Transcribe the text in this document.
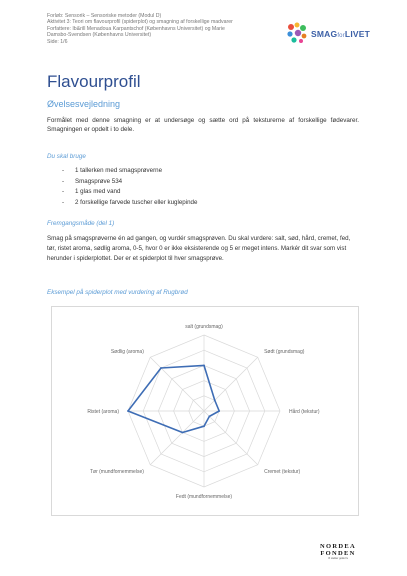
Forløb: Sensorik – Sensoriske metoder (Modul D)
Aktivitet 3: Teori om flavourprofil (spiderplot) og smagning af forskellige madvarer
Forfattere: Ib&rill Menadoua Karpantschof (Københavns Universitet) og Marie
Damsbo-Svendsen (Københavns Universitet)
Side: 1/6
SMAGforLIVET
Flavourprofil
Øvelsesvejledning
Formålet med denne smagning er at undersøge og sætte ord på teksturerne af forskellige fødevarer. Smagningen er opdelt i to dele.
Du skal bruge
-	1 tallerken med smagsprøverne
-	Smagsprøve 534
-	1 glas med vand
-	2 forskellige farvede tuscher eller kuglepinde
Fremgangsmåde (del 1)
Smag på smagsprøverne én ad gangen, og vurdér smagsprøven. Du skal vurdere: salt, sød, hård, cremet, fed, tør, ristet aroma, sødlig aroma, 0-5, hvor 0 er ikke eksisterende og 5 er meget intens. Markér dit svar som vist herunder i spiderplottet. Der er et spiderplot til hver smagsprøve.
Eksempel på spiderplot med vurdering af Rugbrød
salt (grundsmag)
Sødt (grundsmag)
Hård (tekstur)
Cremet (tekstur)
Fedt (mundfornemmelse)
Tør (mundfornemmelse)
Ristet (aroma)
Sødlig (aroma)
NORDEA
FONDEN
Vi støtter gode liv
